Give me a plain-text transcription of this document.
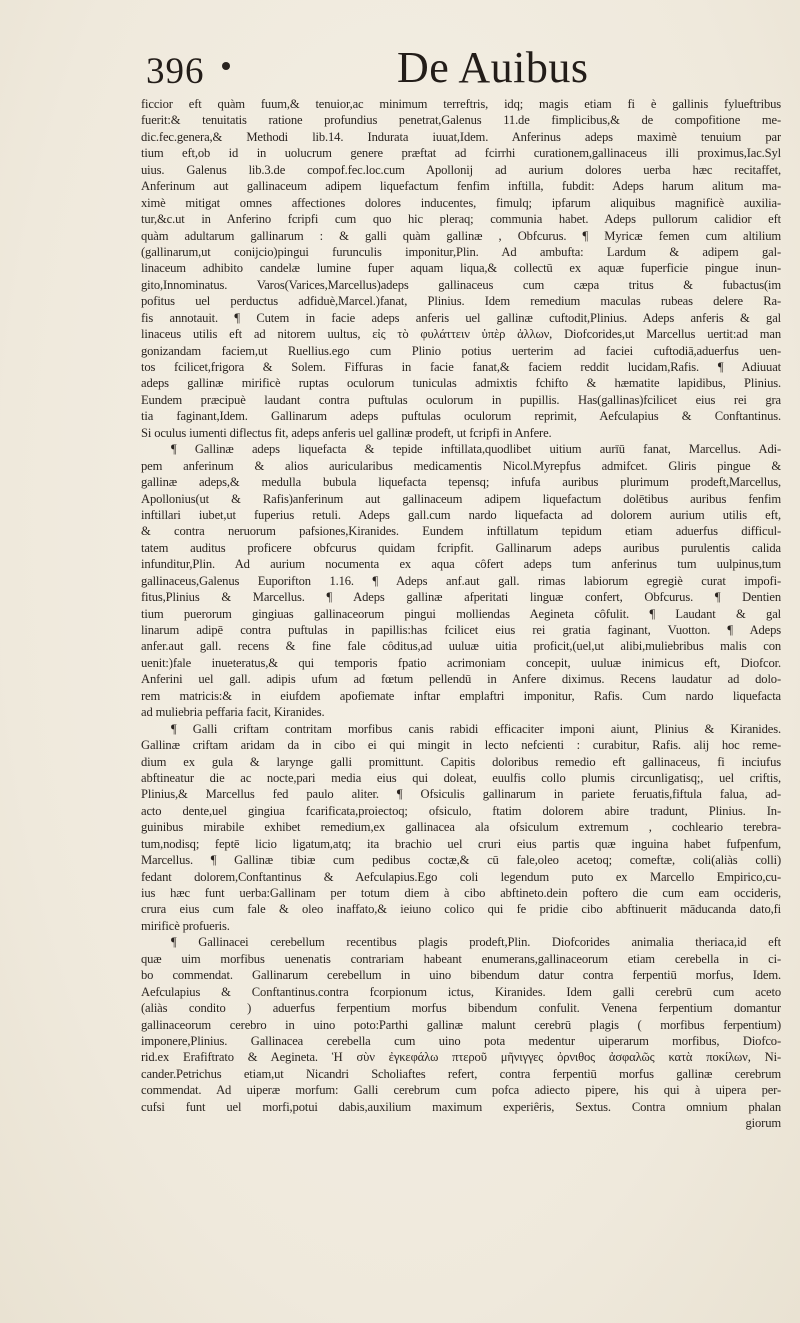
396	De Auibus
ficcior eft quàm fuum,& tenuior,ac minimum terreftris, idq; magis etiam fi è gallinis fylueftribus
fuerit:& tenuitatis ratione profundius penetrat,Galenus 11.de fimplicibus,& de compofitione me-
dic.fec.genera,& Methodi lib.14. Indurata iuuat,Idem. Anferinus adeps maximè tenuium par
tium eft,ob id in uolucrum genere præftat ad fcirrhi curationem,gallinaceus illi proximus,Iac.Syl
uius. Galenus lib.3.de compof.fec.loc.cum Apollonij ad aurium dolores uerba hæc recitaffet,
Anferinum aut gallinaceum adipem liquefactum fenfim inftilla, fubdit: Adeps harum alitum ma-
ximè mitigat omnes affectiones dolores inducentes, fimulq; ipfarum aliquibus magnificè auxilia-
tur,&c.ut in Anferino fcripfi cum quo hic pleraq; communia habet. Adeps pullorum calidior eft
quàm adultarum gallinarum : & galli quàm gallinæ , Obfcurus. ¶ Myricæ femen cum altilium
(gallinarum,ut conijcio)pingui furunculis imponitur,Plin. Ad ambufta: Lardum & adipem gal-
linaceum adhibito candelæ lumine fuper aquam liqua,& collectū ex aquæ fuperficie pingue inun-
gito,Innominatus. Varos(Varices,Marcellus)adeps gallinaceus cum cæpa tritus & fubactus(im
pofitus uel perductus adfiduè,Marcel.)fanat, Plinius. Idem remedium maculas rubeas delere Ra-
fis annotauit. ¶ Cutem in facie adeps anferis uel gallinæ cuftodit,Plinius. Adeps anferis & gal
linaceus utilis eft ad nitorem uultus, εἰς τὸ φυλάττειν ὑπὲρ ἀλλων, Diofcorides,ut Marcellus uertit:ad man
gonizandam faciem,ut Ruellius.ego cum Plinio potius uerterim ad faciei cuftodiā,aduerfus uen-
tos fcilicet,frigora & Solem. Fiffuras in facie fanat,& faciem reddit lucidam,Rafis. ¶ Adiuuat
adeps gallinæ mirificè ruptas oculorum tuniculas admixtis fchifto & hæmatite lapidibus, Plinius.
Eundem præcipuè laudant contra puftulas oculorum in pupillis. Has(gallinas)fcilicet eius rei gra
tia faginant,Idem. Gallinarum adeps puftulas oculorum reprimit, Aefculapius & Conftantinus.
Si oculus iumenti diflectus fit, adeps anferis uel gallinæ prodeft, ut fcripfi in Anfere.
¶ Gallinæ adeps liquefacta & tepide inftillata,quodlibet uitium aurīū fanat, Marcellus. Adi-
pem anferinum & alios auricularibus medicamentis Nicol.Myrepfus admifcet. Gliris pingue &
gallinæ adeps,& medulla bubula liquefacta tepensq; infufa auribus plurimum prodeft,Marcellus,
Apollonius(ut & Rafis)anferinum aut gallinaceum adipem liquefactum dolētibus auribus fenfim
inftillari iubet,ut fuperius retuli. Adeps gall.cum nardo liquefacta ad dolorem aurium utilis eft,
& contra neruorum pafsiones,Kiranides. Eundem inftillatum tepidum etiam aduerfus difficul-
tatem auditus proficere obfcurus quidam fcripfit. Gallinarum adeps auribus purulentis calida
infunditur,Plin. Ad aurium nocumenta ex aqua côfert adeps tum anferinus tum uulpinus,tum
gallinaceus,Galenus Euporifton 1.16. ¶ Adeps anf.aut gall. rimas labiorum egregiè curat impofi-
fitus,Plinius & Marcellus. ¶ Adeps gallinæ afperitati linguæ confert, Obfcurus. ¶ Dentien
tium puerorum gingiuas gallinaceorum pingui molliendas Aegineta côfulit. ¶ Laudant & gal
linarum adipē contra puftulas in papillis:has fcilicet eius rei gratia faginant, Vuotton. ¶ Adeps
anfer.aut gall. recens & fine fale côditus,ad uuluæ uitia proficit,(uel,ut alibi,muliebribus malis con
uenit:)fale inueteratus,& qui temporis fpatio acrimoniam concepit, uuluæ inimicus eft, Diofcor.
Anferini uel gall. adipis ufum ad fœtum pellendū in Anfere diximus. Recens laudatur ad dolo-
rem matricis:& in eiufdem apofiemate inftar emplaftri imponitur, Rafis. Cum nardo liquefacta
ad muliebria peffaria facit, Kiranides.
¶ Galli criftam contritam morfibus canis rabidi efficaciter imponi aiunt, Plinius & Kiranides.
Gallinæ criftam aridam da in cibo ei qui mingit in lecto nefcienti : curabitur, Rafis. alij hoc reme-
dium ex gula & larynge galli promittunt. Capitis doloribus remedio eft gallinaceus, fi inciufus
abftineatur die ac nocte,pari media eius qui doleat, euulfis collo plumis circunligatisq;, uel criftis,
Plinius,& Marcellus fed paulo aliter. ¶ Ofsiculis gallinarum in pariete feruatis,fiftula falua, ad-
acto dente,uel gingiua fcarificata,proiectoq; ofsiculo, ftatim dolorem abire tradunt, Plinius. In-
guinibus mirabile exhibet remedium,ex gallinacea ala ofsiculum extremum , cochleario terebra-
tum,nodisq; feptē licio ligatum,atq; ita brachio uel cruri eius partis quæ inguina habet fufpenfum,
Marcellus. ¶ Gallinæ tibiæ cum pedibus coctæ,& cū fale,oleo acetoq; comeftæ, coli(aliàs colli)
fedant dolorem,Conftantinus & Aefculapius.Ego coli legendum puto ex Marcello Empirico,cu-
ius hæc funt uerba:Gallinam per totum diem à cibo abftineto.dein poftero die cum eam occideris,
crura eius cum fale & oleo inaffato,& ieiuno colico qui fe pridie cibo abftinuerit māducanda dato,fi
mirificè profueris.
¶ Gallinacei cerebellum recentibus plagis prodeft,Plin. Diofcorides animalia theriaca,id eft
quæ uim morfibus uenenatis contrariam habeant enumerans,gallinaceorum etiam cerebella in ci-
bo commendat. Gallinarum cerebellum in uino bibendum datur contra ferpentiū morfus, Idem.
Aefculapius & Conftantinus.contra fcorpionum ictus, Kiranides. Idem galli cerebrū cum aceto
(aliàs condito ) aduerfus ferpentium morfus bibendum confulit. Venena ferpentium domantur
gallinaceorum cerebro in uino poto:Parthi gallinæ malunt cerebrū plagis ( morfibus ferpentium)
imponere,Plinius. Gallinacea cerebella cum uino pota medentur uiperarum morfibus, Diofco-
rid.ex Erafiftrato & Aegineta. Ἡ σὺν ἐγκεφάλω πτεροῦ μῆνιγγες ὀρνιθος ἀσφαλῶς κατὰ ποκίλων, Ni-
cander.Petrichus etiam,ut Nicandri Scholiaftes refert, contra ferpentiū morfus gallinæ cerebrum
commendat. Ad uiperæ morfum: Galli cerebrum cum pofca adiecto pipere, his qui à uipera per-
cufsi funt uel morfi,potui dabis,auxilium maximum experiêris, Sextus. Contra omnium phalan
giorum
